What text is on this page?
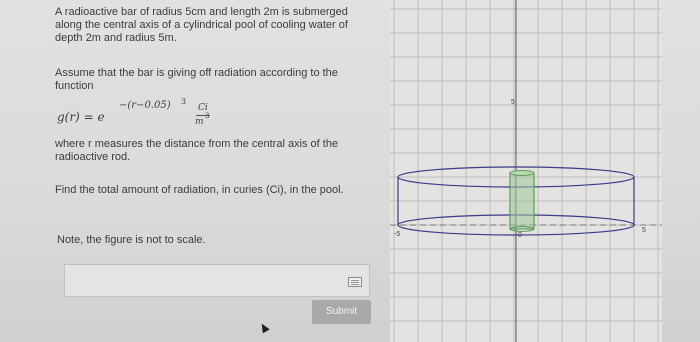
A radioactive bar of radius 5cm and length 2m is submerged along the central axis of a cylindrical pool of cooling water of depth 2m and radius 5m.

Assume that the bar is giving off radiation according to the function

g(r) = e
−(r−0.05) 3
Ci
m
3

where r measures the distance from the central axis of the radioactive rod.

Find the total amount of radiation, in curies (Ci), in the pool.

Note, the figure is not to scale.

Submit
5
-5	0
5
